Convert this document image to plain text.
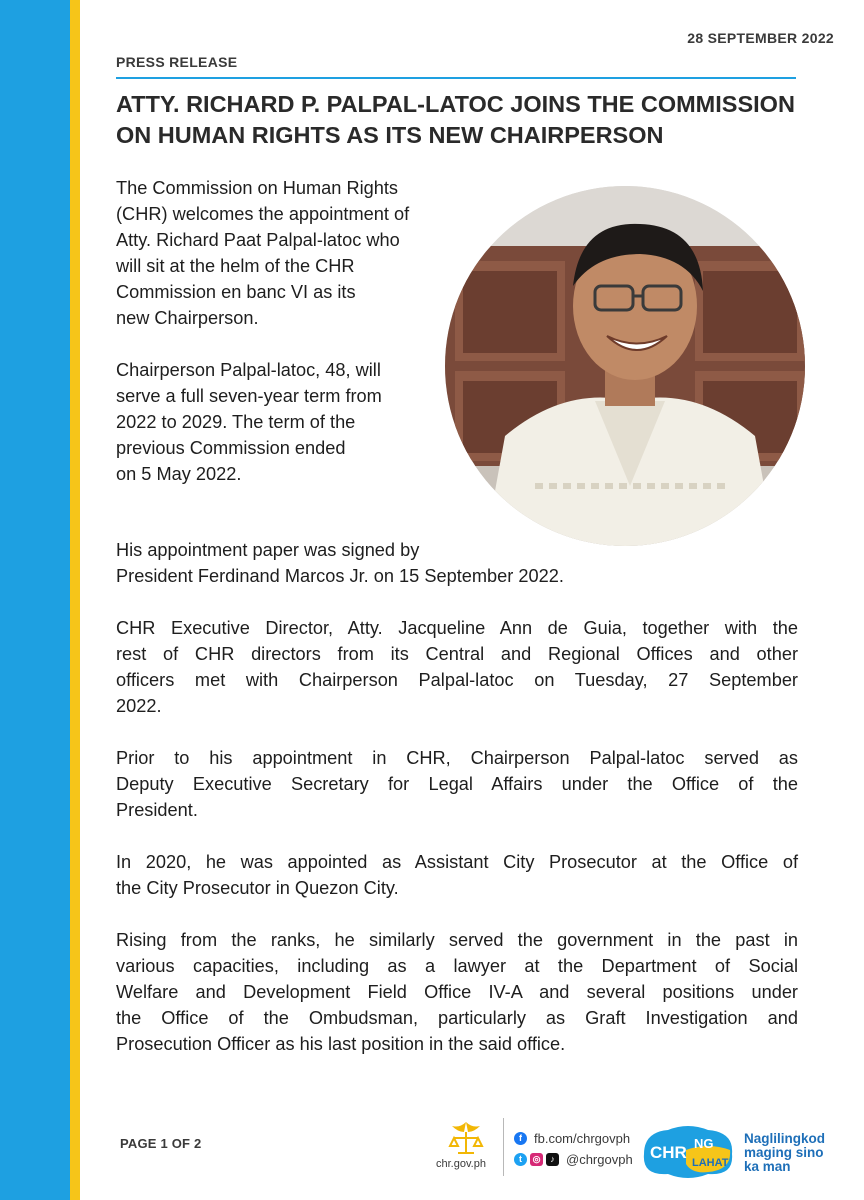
28 SEPTEMBER 2022
PRESS RELEASE
ATTY. RICHARD P. PALPAL-LATOC JOINS THE COMMISSION
ON HUMAN RIGHTS AS ITS NEW CHAIRPERSON
The Commission on Human Rights
(CHR) welcomes the appointment of
Atty. Richard Paat Palpal-latoc who
will sit at the helm of the CHR
Commission en banc VI as its
new Chairperson.
Chairperson Palpal-latoc, 48, will
serve a full seven-year term from
2022 to 2029. The term of the
previous Commission ended
on 5 May 2022.
His appointment paper was signed by
President Ferdinand Marcos Jr. on 15 September 2022.
CHR Executive Director, Atty. Jacqueline Ann de Guia, together with the
rest of CHR directors from its Central and Regional Offices and other
officers met with Chairperson Palpal-latoc on Tuesday, 27 September
2022.
Prior to his appointment in CHR, Chairperson Palpal-latoc served as
Deputy Executive Secretary for Legal Affairs under the Office of the
President.
In 2020, he was appointed as Assistant City Prosecutor at the Office of
the City Prosecutor in Quezon City.
Rising from the ranks, he similarly served the government in the past in
various capacities, including as a lawyer at the Department of Social
Welfare and Development Field Office IV-A and several positions under
the Office of the Ombudsman, particularly as Graft Investigation and
Prosecution Officer as his last position in the said office.
PAGE 1 OF 2
chr.gov.ph
f fb.com/chrgovph
t	◎	♪ @chrgovph CHR NG
LAHAT
Naglilingkod
maging sino
ka man
